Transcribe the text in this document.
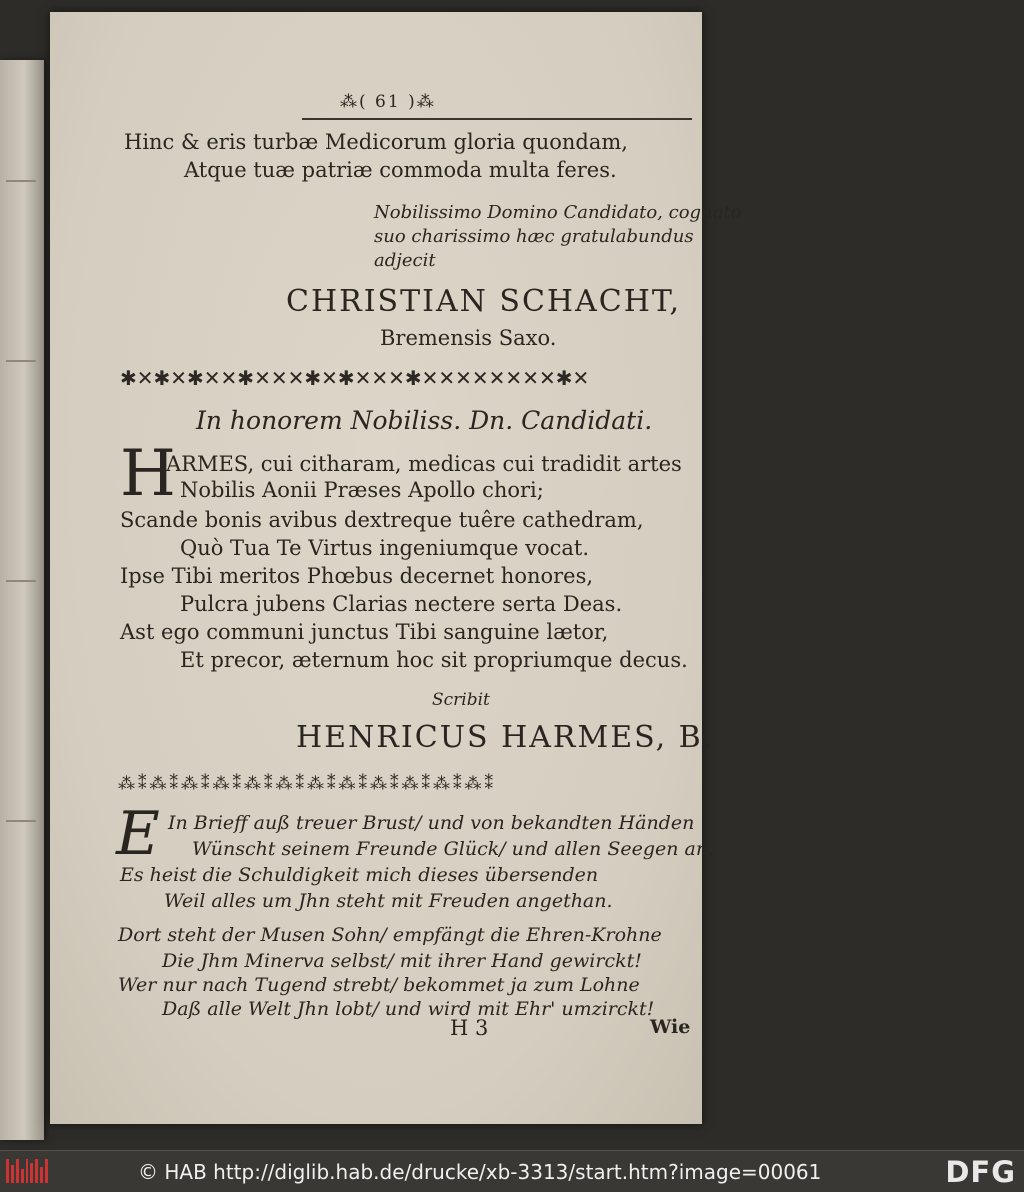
⁂( 61 )⁂
Hinc & eris turbæ Medicorum gloria quondam,
Atque tuæ patriæ commoda multa feres.
Nobilissimo Domino Candidato, cognato
suo charissimo hæc gratulabundus
adjecit
CHRISTIAN SCHACHT,
Bremensis Saxo.
✱✕✱✕✱✕✕✱✕✕✕✱✕✱✕✕✕✱✕✕✕✕✕✕✕✕✱✕
In honorem Nobiliss. Dn. Candidati.
H
ARMES, cui citharam, medicas cui tradidit artes
Nobilis Aonii Præses Apollo chori;
Scande bonis avibus dextreque tuêre cathedram,
Quò Tua Te Virtus ingeniumque vocat.
Ipse Tibi meritos Phœbus decernet honores,
Pulcra jubens Clarias nectere serta Deas.
Ast ego communi junctus Tibi sanguine lætor,
Et precor, æternum hoc sit propriumque decus.
Scribit
HENRICUS HARMES, B.
⁂⁑⁂⁑⁂⁑⁂⁑⁂⁑⁂⁑⁂⁑⁂⁑⁂⁑⁂⁑⁂⁑⁂⁑
E In Brieff auß treuer Brust/ und von bekandten Händen
Wünscht seinem Freunde Glück/ und allen Seegen an.
Es heist die Schuldigkeit mich dieses übersenden
Weil alles um Jhn steht mit Freuden angethan.
Dort steht der Musen Sohn/ empfängt die Ehren-Krohne
Die Jhm Minerva selbst/ mit ihrer Hand gewirckt!
Wer nur nach Tugend strebt/ bekommet ja zum Lohne
Daß alle Welt Jhn lobt/ und wird mit Ehr' umzirckt!
H 3	Wie
© HAB http://diglib.hab.de/drucke/xb-3313/start.htm?image=00061	DFG
